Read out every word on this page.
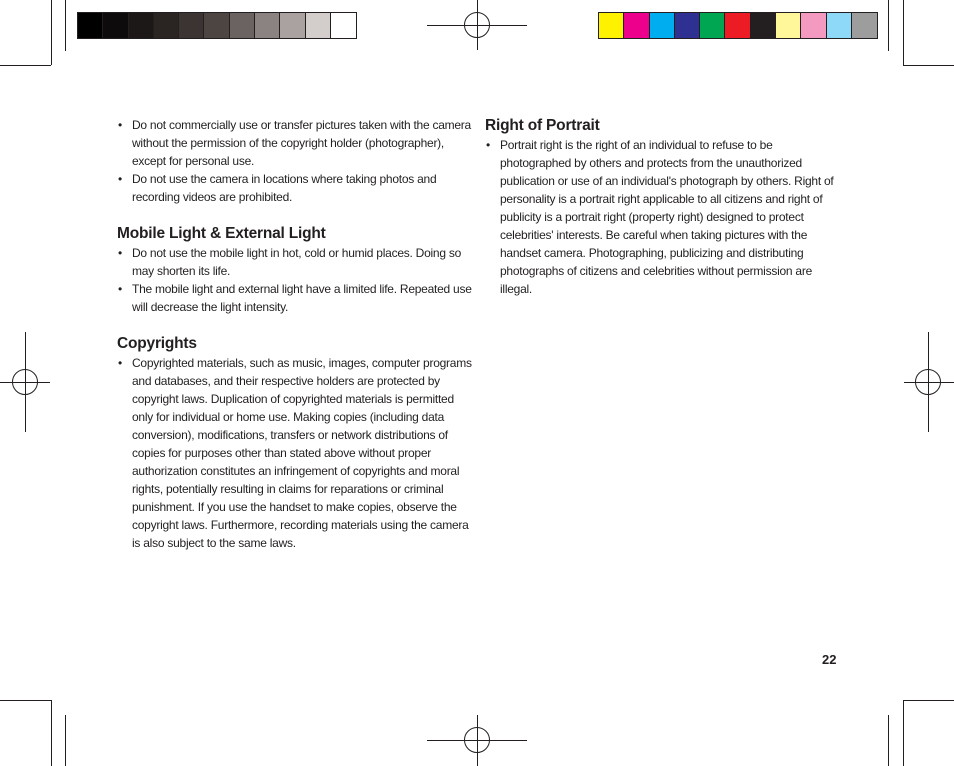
• Do not commercially use or transfer pictures taken with the camera without the permission of the copyright holder (photographer), except for personal use.
• Do not use the camera in locations where taking photos and recording videos are prohibited.
Mobile Light & External Light
• Do not use the mobile light in hot, cold or humid places. Doing so may shorten its life.
• The mobile light and external light have a limited life. Repeated use will decrease the light intensity.
Copyrights
• Copyrighted materials, such as music, images, computer programs and databases, and their respective holders are protected by copyright laws. Duplication of copyrighted materials is permitted only for individual or home use. Making copies (including data conversion), modifications, transfers or network distributions of copies for purposes other than stated above without proper authorization constitutes an infringement of copyrights and moral rights, potentially resulting in claims for reparations or criminal punishment. If you use the handset to make copies, observe the copyright laws. Furthermore, recording materials using the camera is also subject to the same laws.
Right of Portrait
• Portrait right is the right of an individual to refuse to be photographed by others and protects from the unauthorized publication or use of an individual's photograph by others. Right of personality is a portrait right applicable to all citizens and right of publicity is a portrait right (property right) designed to protect celebrities' interests. Be careful when taking pictures with the handset camera. Photographing, publicizing and distributing photographs of citizens and celebrities without permission are illegal.
22
